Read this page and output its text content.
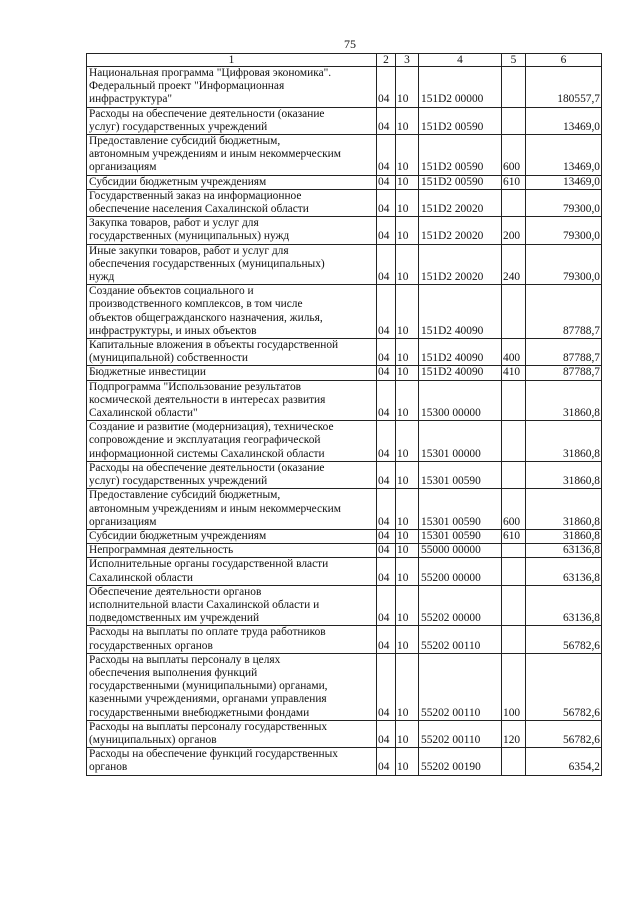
75
1	2	3	4	5	6
Национальная программа "Цифровая экономика".
Федеральный проект "Информационная
инфраструктура"	04	10	151D2 00000		180557,7
Расходы на обеспечение деятельности (оказание
услуг) государственных учреждений	04	10	151D2 00590		13469,0
Предоставление субсидий бюджетным,
автономным учреждениям и иным некоммерческим
организациям	04	10	151D2 00590	600	13469,0
Субсидии бюджетным учреждениям	04	10	151D2 00590	610	13469,0
Государственный заказ на информационное
обеспечение населения Сахалинской области	04	10	151D2 20020		79300,0
Закупка товаров, работ и услуг для
государственных (муниципальных) нужд	04	10	151D2 20020	200	79300,0
Иные закупки товаров, работ и услуг для
обеспечения государственных (муниципальных)
нужд	04	10	151D2 20020	240	79300,0
Создание объектов социального и
производственного комплексов, в том числе
объектов общегражданского назначения, жилья,
инфраструктуры, и иных объектов	04	10	151D2 40090		87788,7
Капитальные вложения в объекты государственной
(муниципальной) собственности	04	10	151D2 40090	400	87788,7
Бюджетные инвестиции	04	10	151D2 40090	410	87788,7
Подпрограмма "Использование результатов
космической деятельности в интересах развития
Сахалинской области"	04	10	15300 00000		31860,8
Создание и развитие (модернизация), техническое
сопровождение и эксплуатация географической
информационной системы Сахалинской области	04	10	15301 00000		31860,8
Расходы на обеспечение деятельности (оказание
услуг) государственных учреждений	04	10	15301 00590		31860,8
Предоставление субсидий бюджетным,
автономным учреждениям и иным некоммерческим
организациям	04	10	15301 00590	600	31860,8
Субсидии бюджетным учреждениям	04	10	15301 00590	610	31860,8
Непрограммная деятельность	04	10	55000 00000		63136,8
Исполнительные органы государственной власти
Сахалинской области	04	10	55200 00000		63136,8
Обеспечение деятельности органов
исполнительной власти Сахалинской области и
подведомственных им учреждений	04	10	55202 00000		63136,8
Расходы на выплаты по оплате труда работников
государственных органов	04	10	55202 00110		56782,6
Расходы на выплаты персоналу в целях
обеспечения выполнения функций
государственными (муниципальными) органами,
казенными учреждениями, органами управления
государственными внебюджетными фондами	04	10	55202 00110	100	56782,6
Расходы на выплаты персоналу государственных
(муниципальных) органов	04	10	55202 00110	120	56782,6
Расходы на обеспечение функций государственных
органов	04	10	55202 00190		6354,2
